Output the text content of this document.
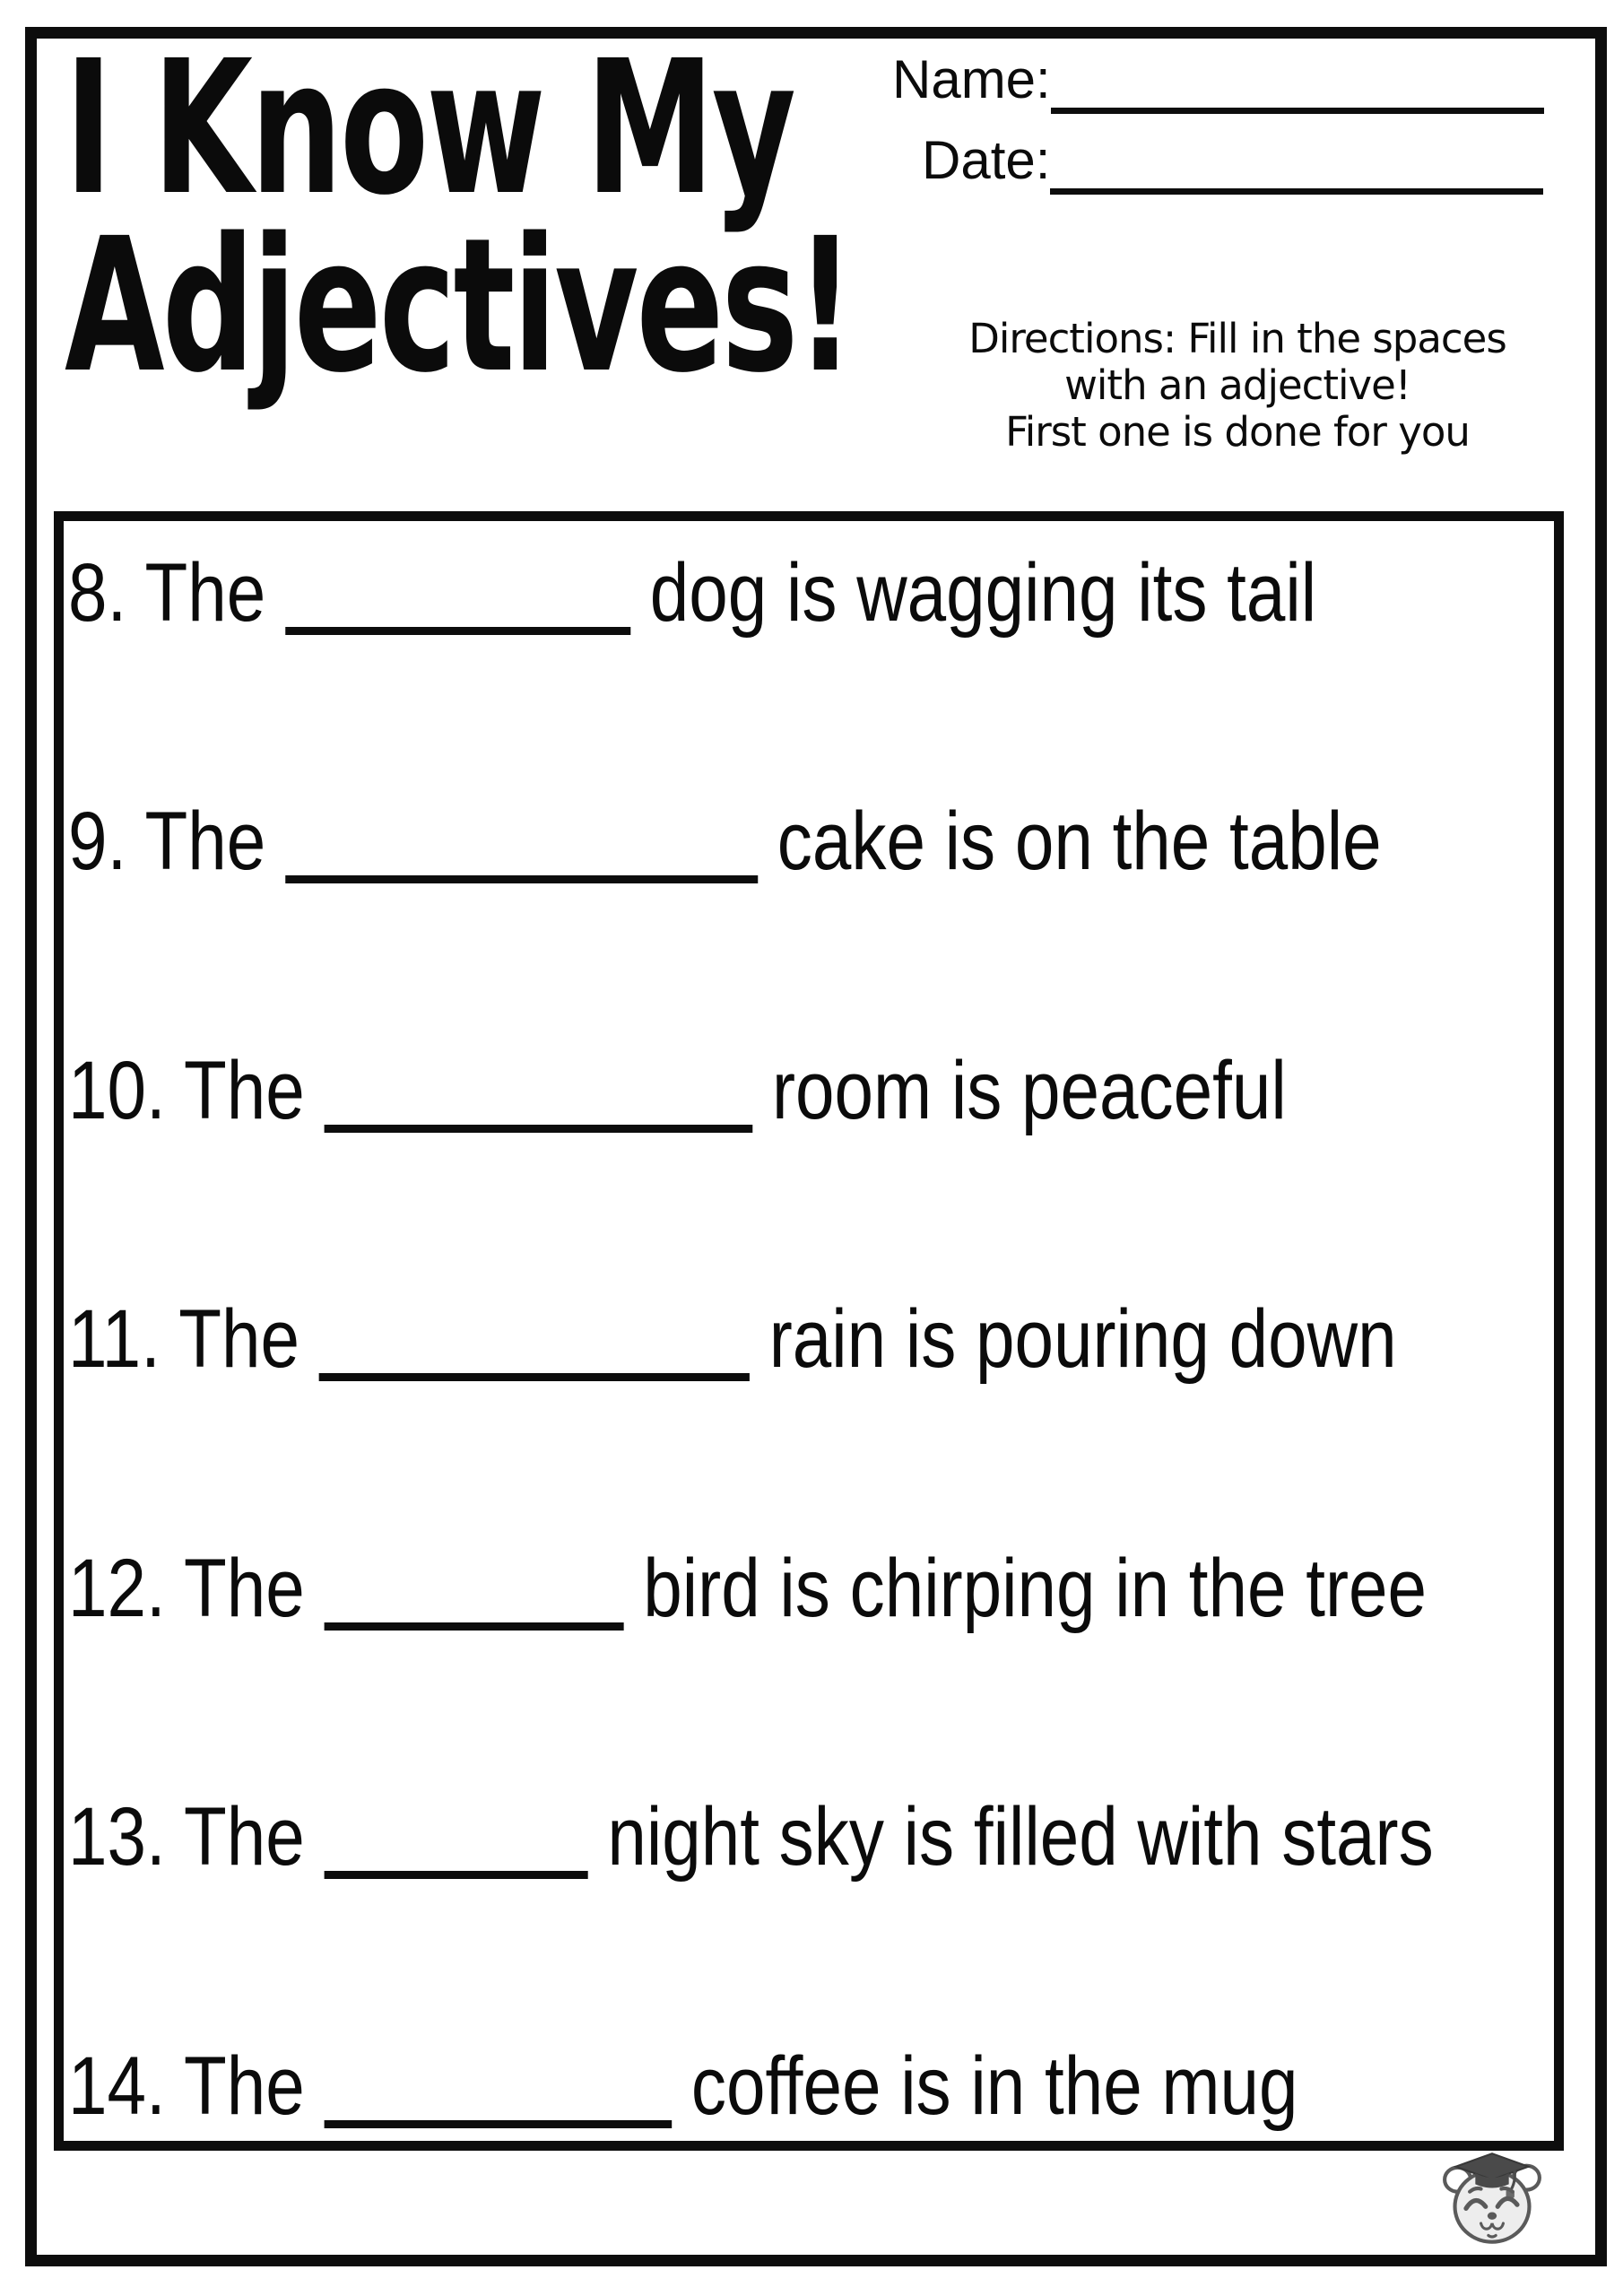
I Know My
Adjectives!
Name:
Date:
Directions: Fill in the spaces
with an adjective!
First one is done for you
8. The	dog is wagging its tail
9. The	cake is on the table
10. The	room is peaceful
11. The	rain is pouring down
12. The	bird is chirping in the tree
13. The	night sky is filled with stars
14. The	coffee is in the mug
